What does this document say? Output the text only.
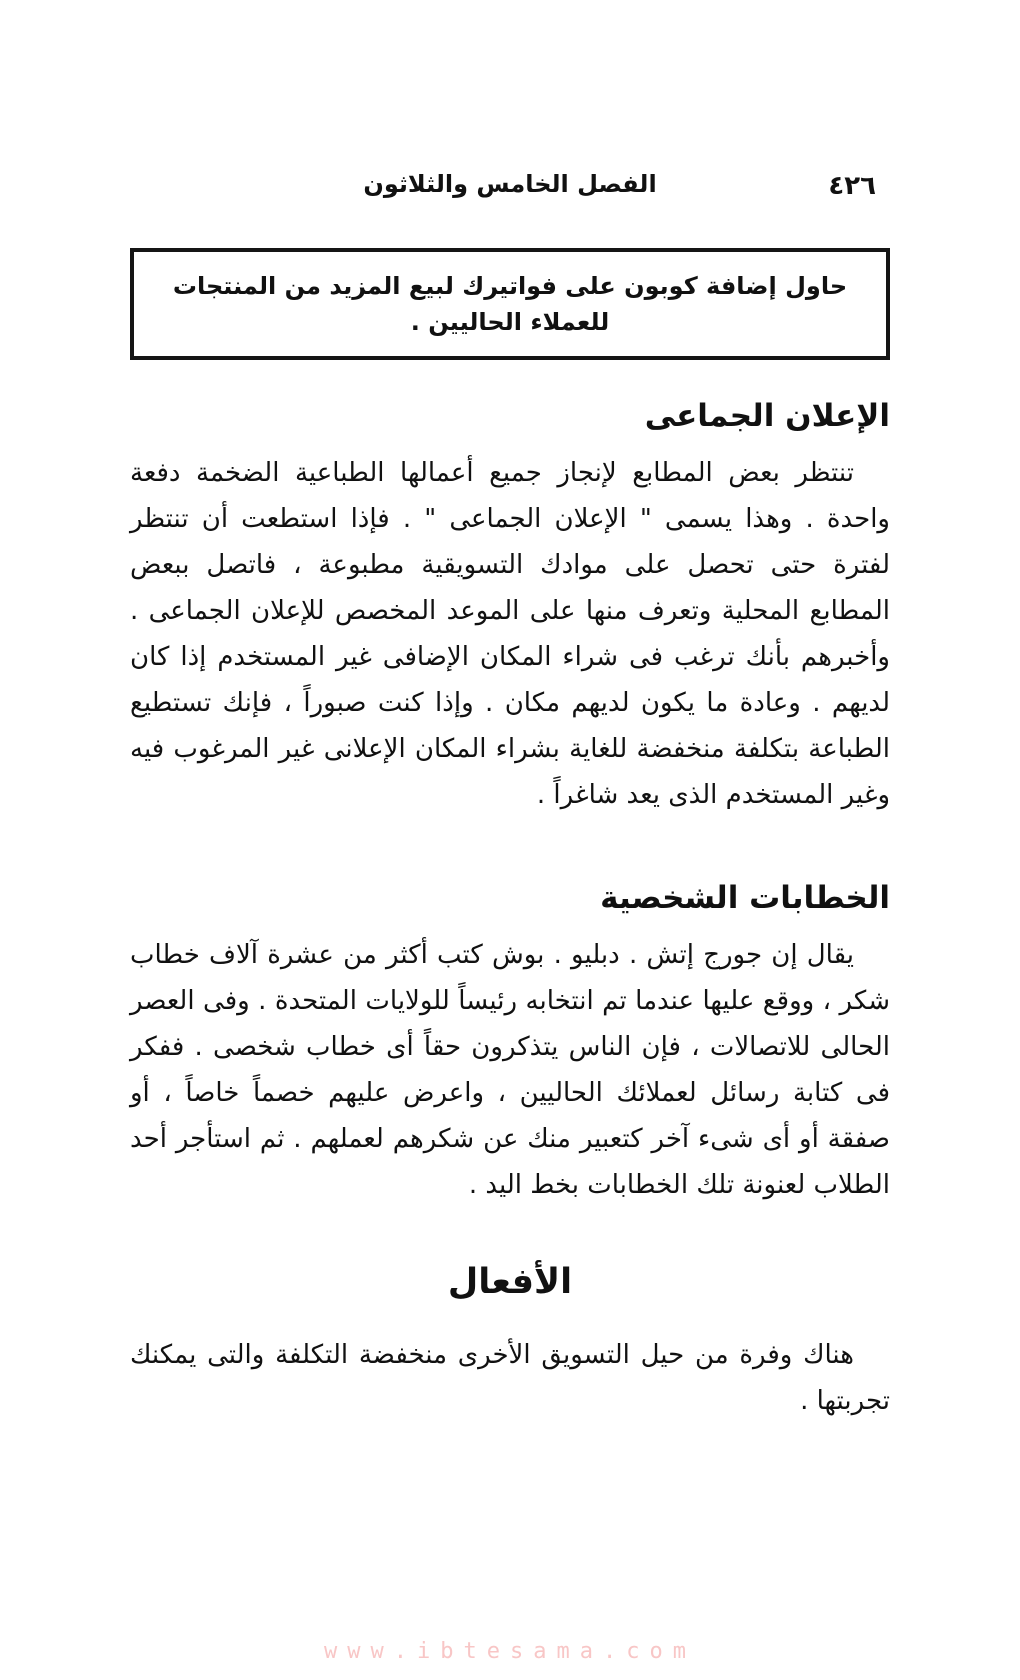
الفصل الخامس والثلاثون	٤٢٦

حاول إضافة كوبون على فواتيرك لبيع المزيد من المنتجات للعملاء الحاليين .

الإعلان الجماعى

تنتظر بعض المطابع لإنجاز جميع أعمالها الطباعية الضخمة دفعة واحدة . وهذا يسمى " الإعلان الجماعى " . فإذا استطعت أن تنتظر لفترة حتى تحصل على موادك التسويقية مطبوعة ، فاتصل ببعض المطابع المحلية وتعرف منها على الموعد المخصص للإعلان الجماعى . وأخبرهم بأنك ترغب فى شراء المكان الإضافى غير المستخدم إذا كان لديهم . وعادة ما يكون لديهم مكان . وإذا كنت صبوراً ، فإنك تستطيع الطباعة بتكلفة منخفضة للغاية بشراء المكان الإعلانى غير المرغوب فيه وغير المستخدم الذى يعد شاغراً .

الخطابات الشخصية

يقال إن جورج إتش . دبليو . بوش كتب أكثر من عشرة آلاف خطاب شكر ، ووقع عليها عندما تم انتخابه رئيساً للولايات المتحدة . وفى العصر الحالى للاتصالات ، فإن الناس يتذكرون حقاً أى خطاب شخصى . ففكر فى كتابة رسائل لعملائك الحاليين ، واعرض عليهم خصماً خاصاً ، أو صفقة أو أى شىء آخر كتعبير منك عن شكرهم لعملهم . ثم استأجر أحد الطلاب لعنونة تلك الخطابات بخط اليد .

الأفعال

هناك وفرة من حيل التسويق الأخرى منخفضة التكلفة والتى يمكنك تجربتها .

www.ibtesama.com
